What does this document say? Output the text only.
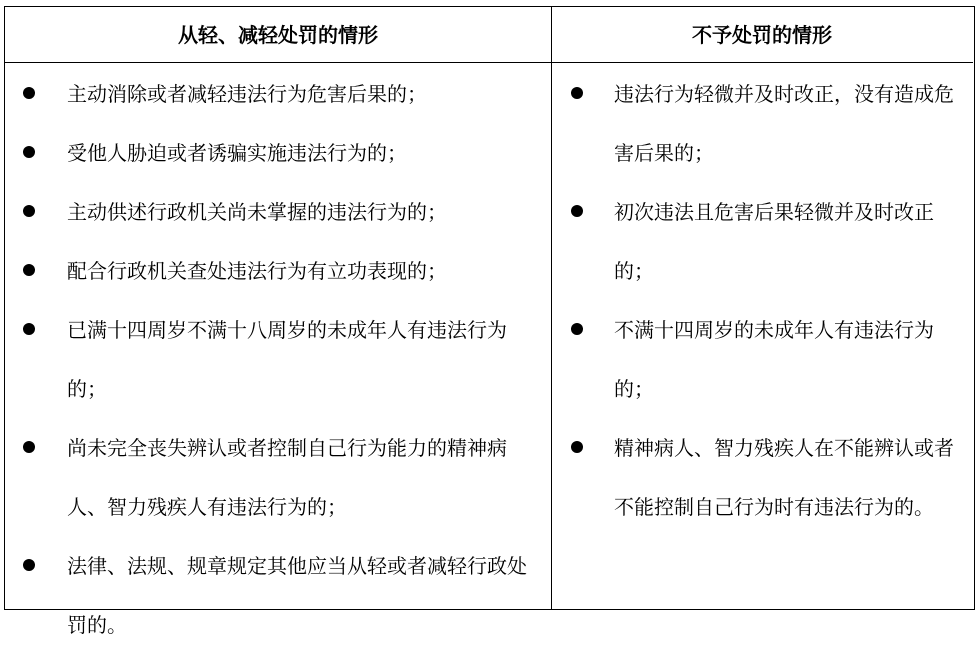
从轻、减轻处罚的情形	不予处罚的情形
主动消除或者减轻违法行为危害后果的；
受他人胁迫或者诱骗实施违法行为的；
主动供述行政机关尚未掌握的违法行为的；
配合行政机关查处违法行为有立功表现的；
已满十四周岁不满十八周岁的未成年人有违法行为的；
尚未完全丧失辨认或者控制自己行为能力的精神病人、智力残疾人有违法行为的；
法律、法规、规章规定其他应当从轻或者减轻行政处罚的。
违法行为轻微并及时改正，没有造成危害后果的；
初次违法且危害后果轻微并及时改正的；
不满十四周岁的未成年人有违法行为的；
精神病人、智力残疾人在不能辨认或者不能控制自己行为时有违法行为的。
